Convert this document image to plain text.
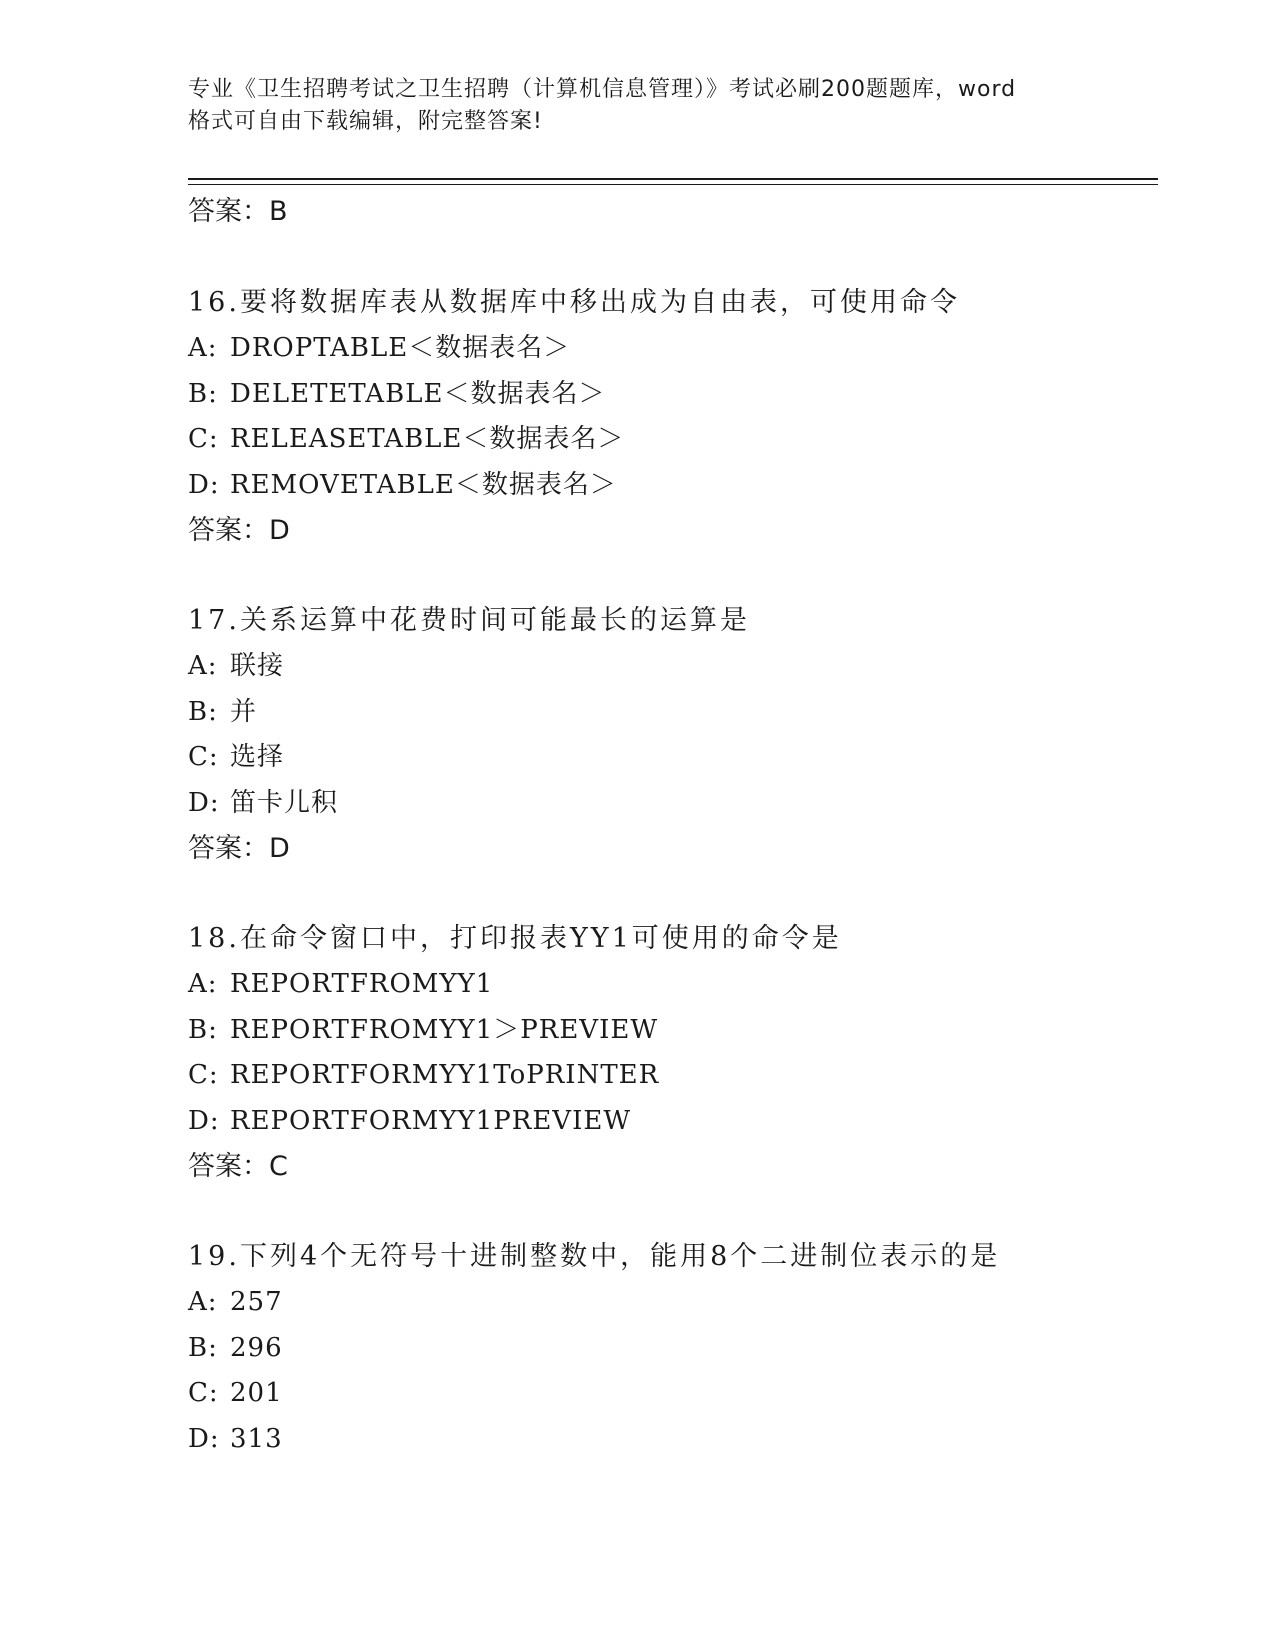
专业《卫生招聘考试之卫生招聘（计算机信息管理）》考试必刷200题题库，word
格式可自由下载编辑，附完整答案!
答案：B
16.要将数据库表从数据库中移出成为自由表，可使用命令
A: DROPTABLE＜数据表名＞
B: DELETETABLE＜数据表名＞
C: RELEASETABLE＜数据表名＞
D: REMOVETABLE＜数据表名＞
答案：D
17.关系运算中花费时间可能最长的运算是
A: 联接
B: 并
C: 选择
D: 笛卡儿积
答案：D
18.在命令窗口中，打印报表YY1可使用的命令是
A: REPORTFROMYY1
B: REPORTFROMYY1＞PREVIEW
C: REPORTFORMYY1ToPRINTER
D: REPORTFORMYY1PREVIEW
答案：C
19.下列4个无符号十进制整数中，能用8个二进制位表示的是
A: 257
B: 296
C: 201
D: 313
